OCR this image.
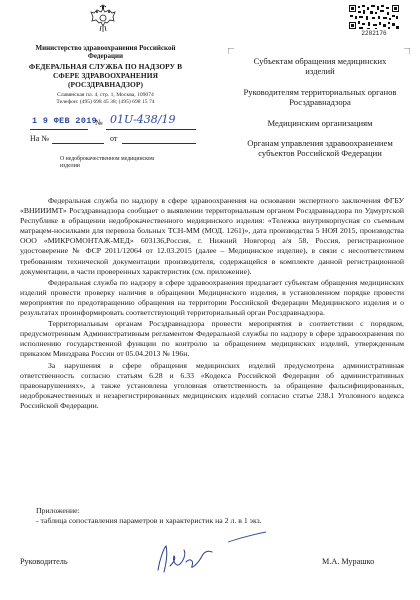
Министерство здравоохранения Российской Федерации
ФЕДЕРАЛЬНАЯ СЛУЖБА ПО НАДЗОРУ В СФЕРЕ ЗДРАВООХРАНЕНИЯ (РОСЗДРАВНАДЗОР)
Славянская пл. 4, стр. 1, Москва, 109074
Телефон: (495) 698 45 38; (495) 698 15 74
1 9 ФЕВ 2019
№ 01U-438/19
На №	от
О недоброкачественном медицинском изделии

Субъектам обращения медицинских изделий

Руководителям территориальных органов Росздравнадзора

Медицинским организациям

Органам управления здравоохранением субъектов Российской Федерации

2282176

Федеральная служба по надзору в сфере здравоохранения на основании экспертного заключения ФГБУ «ВНИИИМТ» Росздравнадзора сообщает о выявлении территориальным органом Росздравнадзора по Удмуртской Республике в обращении недоброкачественного медицинского изделия: «Тележка внутрикорпусная со съемным матрацем-носилками для перевоза больных ТСН-ММ (МОД. 1261)», дата производства 5 НОЯ 2015, производства ООО «МИКРОМОНТАЖ-МЕД» 603136,Россия, г. Нижний Новгород а/я 58, Россия, регистрационное удостоверение № ФСР 2011/12064 от 12.03.2015 (далее – Медицинское изделие), в связи с несоответствием требованиям технической документации производителя, содержащейся в комплекте данной регистрационной документации, в части проверенных характеристик (см. приложение).

Федеральная служба по надзору в сфере здравоохранения предлагает субъектам обращения медицинских изделий провести проверку наличия в обращении Медицинского изделия, в установленном порядке провести мероприятия по предотвращению обращения на территории Российской Федерации Медицинского изделия и о результатах проинформировать соответствующий территориальный орган Росздравнадзора.

Территориальным органам Росздравнадзора провести мероприятия в соответствии с порядком, предусмотренным Административным регламентом Федеральной службы по надзору в сфере здравоохранения по исполнению государственной функции по контролю за обращением медицинских изделий, утвержденным приказом Минздрава России от 05.04.2013 № 196н.

За нарушения в сфере обращения медицинских изделий предусмотрена административная ответственность согласно статьям 6.28 и 6.33 «Кодекса Российской Федерации об административных правонарушениях», а также установлена уголовная ответственность за обращение фальсифицированных, недоброкачественных и незарегистрированных медицинских изделий согласно статье 238.1 Уголовного кодекса Российской Федерации.

Приложение:
- таблица сопоставления параметров и характеристик на 2 л. в 1 экз.
Руководитель	М.А. Мурашко
